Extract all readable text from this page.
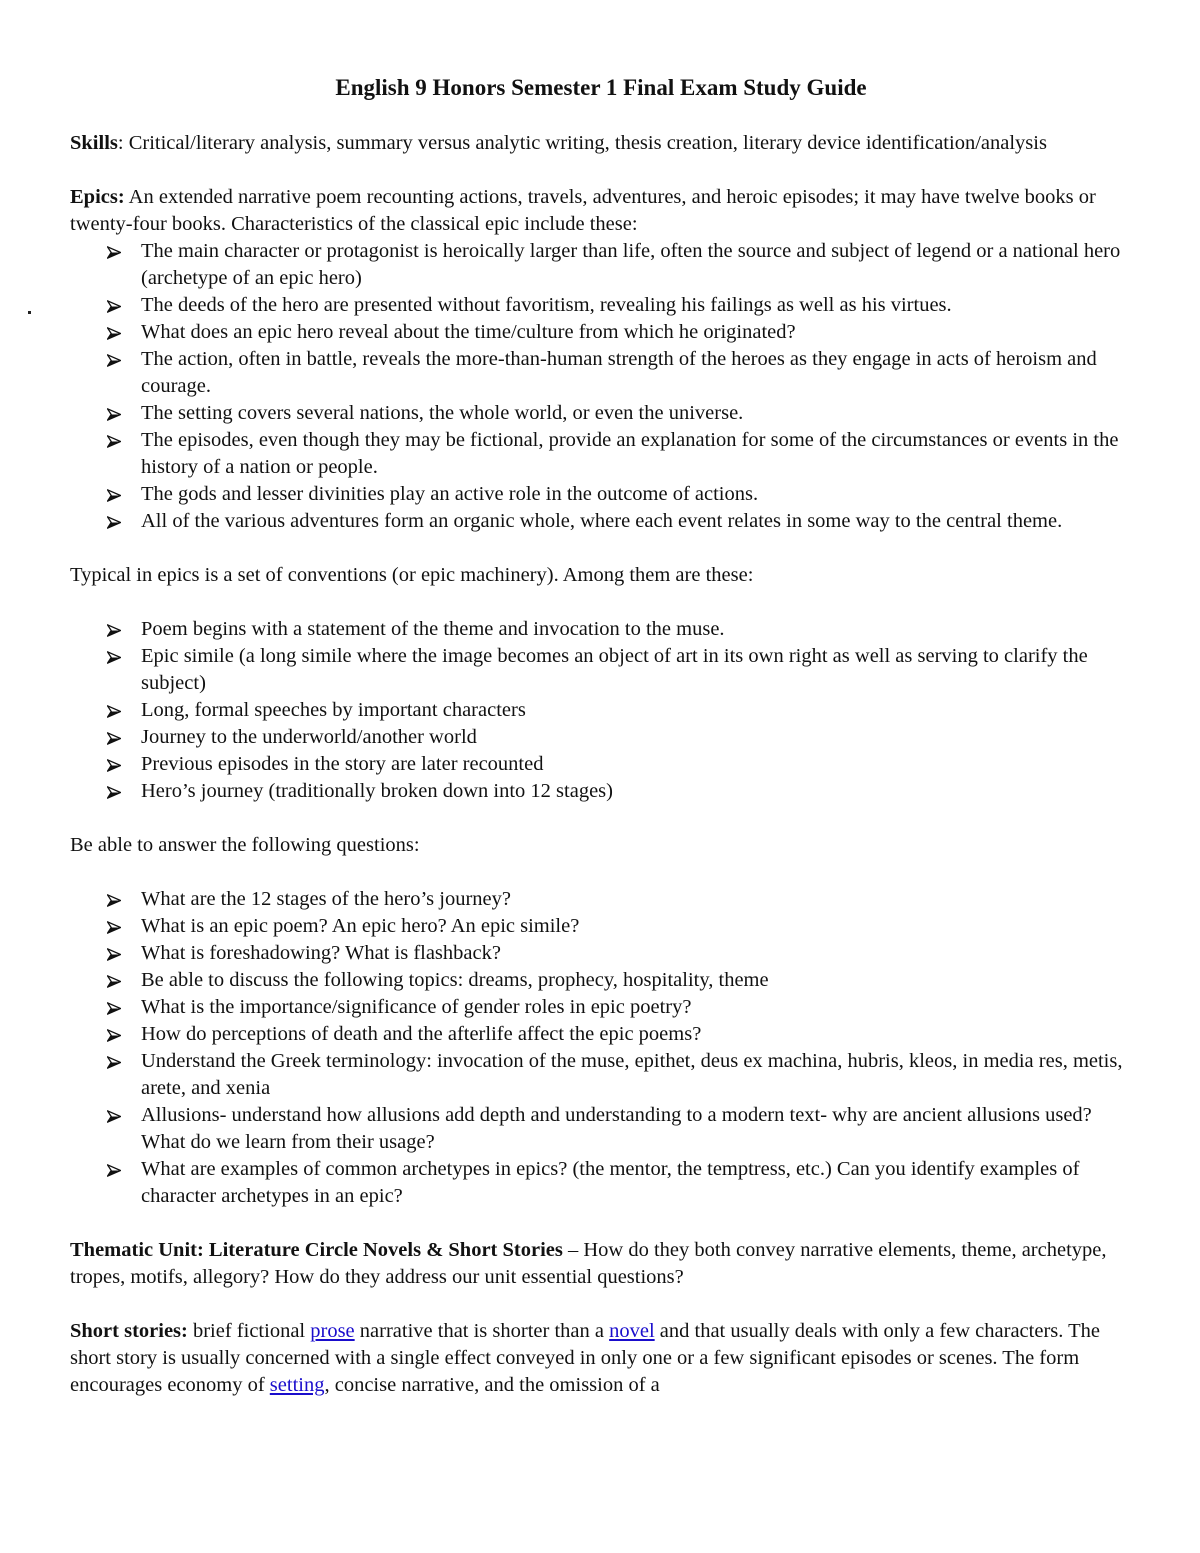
English 9 Honors Semester 1 Final Exam Study Guide

Skills: Critical/literary analysis, summary versus analytic writing, thesis creation, literary device identification/analysis

Epics: An extended narrative poem recounting actions, travels, adventures, and heroic episodes; it may have twelve books or twenty-four books. Characteristics of the classical epic include these:

The main character or protagonist is heroically larger than life, often the source and subject of legend or a national hero (archetype of an epic hero)
The deeds of the hero are presented without favoritism, revealing his failings as well as his virtues.
What does an epic hero reveal about the time/culture from which he originated?
The action, often in battle, reveals the more-than-human strength of the heroes as they engage in acts of heroism and courage.
The setting covers several nations, the whole world, or even the universe.
The episodes, even though they may be fictional, provide an explanation for some of the circumstances or events in the history of a nation or people.
The gods and lesser divinities play an active role in the outcome of actions.
All of the various adventures form an organic whole, where each event relates in some way to the central theme.

Typical in epics is a set of conventions (or epic machinery). Among them are these:

Poem begins with a statement of the theme and invocation to the muse.
Epic simile (a long simile where the image becomes an object of art in its own right as well as serving to clarify the subject)
Long, formal speeches by important characters
Journey to the underworld/another world
Previous episodes in the story are later recounted
Hero’s journey (traditionally broken down into 12 stages)

Be able to answer the following questions:

What are the 12 stages of the hero’s journey?
What is an epic poem? An epic hero? An epic simile?
What is foreshadowing? What is flashback?
Be able to discuss the following topics: dreams, prophecy, hospitality, theme
What is the importance/significance of gender roles in epic poetry?
How do perceptions of death and the afterlife affect the epic poems?
Understand the Greek terminology: invocation of the muse, epithet, deus ex machina, hubris, kleos, in media res, metis, arete, and xenia
Allusions- understand how allusions add depth and understanding to a modern text- why are ancient allusions used? What do we learn from their usage?
What are examples of common archetypes in epics? (the mentor, the temptress, etc.) Can you identify examples of character archetypes in an epic?

Thematic Unit: Literature Circle Novels & Short Stories – How do they both convey narrative elements, theme, archetype, tropes, motifs, allegory? How do they address our unit essential questions?

Short stories: brief fictional prose narrative that is shorter than a novel and that usually deals with only a few characters. The short story is usually concerned with a single effect conveyed in only one or a few significant episodes or scenes. The form encourages economy of setting, concise narrative, and the omission of a
